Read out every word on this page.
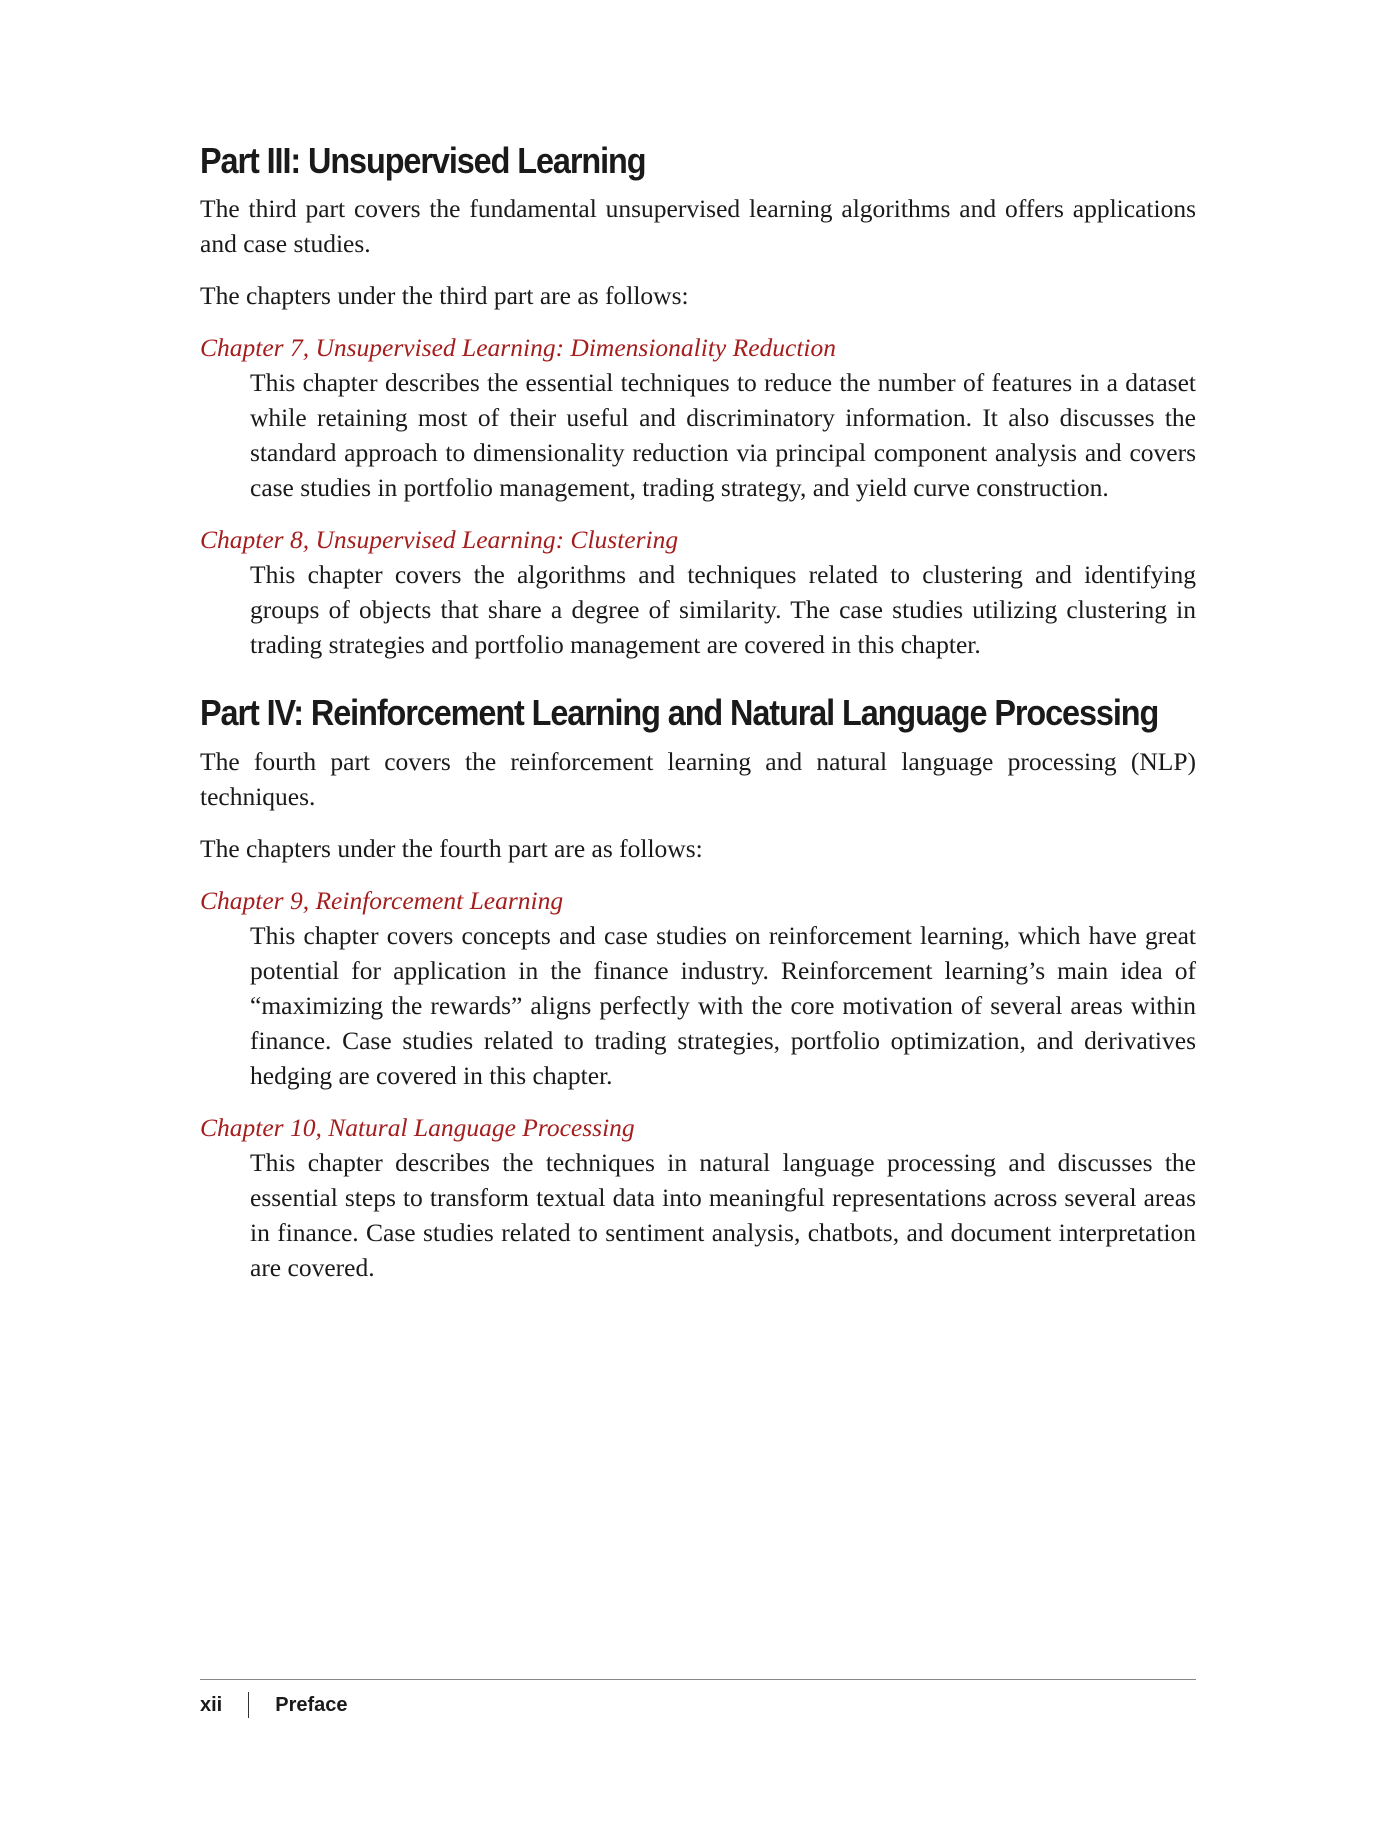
Part III: Unsupervised Learning

The third part covers the fundamental unsupervised learning algorithms and offers applications and case studies.

The chapters under the third part are as follows:

Chapter 7, Unsupervised Learning: Dimensionality Reduction
This chapter describes the essential techniques to reduce the number of features in a dataset while retaining most of their useful and discriminatory information. It also discusses the standard approach to dimensionality reduction via principal component analysis and covers case studies in portfolio management, trading strategy, and yield curve construction.
Chapter 8, Unsupervised Learning: Clustering
This chapter covers the algorithms and techniques related to clustering and identifying groups of objects that share a degree of similarity. The case studies utilizing clustering in trading strategies and portfolio management are covered in this chapter.
Part IV: Reinforcement Learning and Natural Language Processing

The fourth part covers the reinforcement learning and natural language processing (NLP) techniques.

The chapters under the fourth part are as follows:

Chapter 9, Reinforcement Learning
This chapter covers concepts and case studies on reinforcement learning, which have great potential for application in the finance industry. Reinforcement learning’s main idea of “maximizing the rewards” aligns perfectly with the core motivation of several areas within finance. Case studies related to trading strategies, portfolio optimization, and derivatives hedging are covered in this chapter.
Chapter 10, Natural Language Processing
This chapter describes the techniques in natural language processing and discusses the essential steps to transform textual data into meaningful representations across several areas in finance. Case studies related to sentiment analysis, chatbots, and document interpretation are covered.
xii	Preface
